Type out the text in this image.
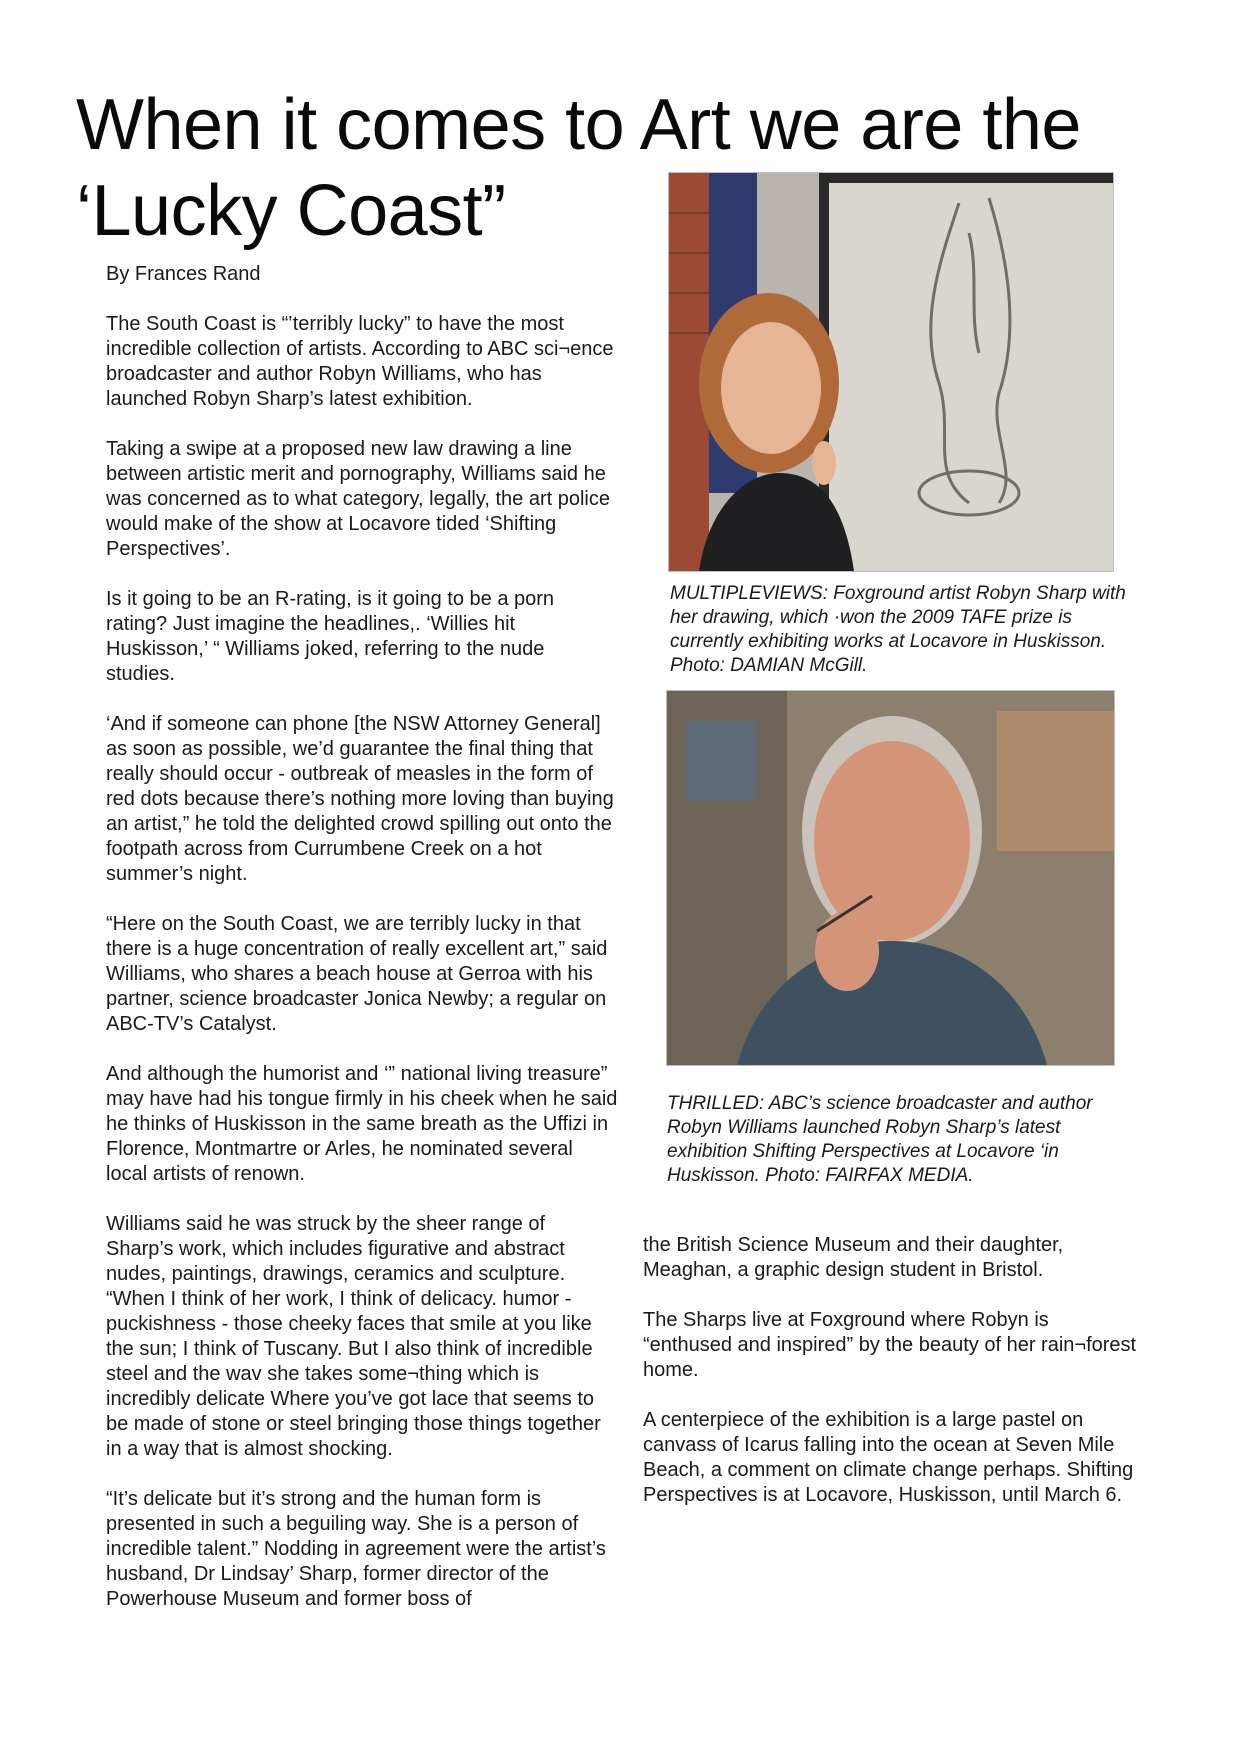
When it comes to Art we are the
‘Lucky Coast”

By Frances Rand

The South Coast is “‛terribly lucky” to have the most incredible collection of artists. According to ABC sci¬ence broadcaster and author Robyn Williams, who has launched Robyn Sharp’s latest exhibition.

Taking a swipe at a proposed new law drawing a line between artistic merit and pornography, Williams said he was concerned as to what category, legally, the art police would make of the show at Locavore tided ‘Shifting Perspectives’.

Is it going to be an R-rating, is it going to be a porn rating? Just imagine the headlines,. ‘Willies hit Huskisson,’ “ Williams joked, referring to the nude studies.

‘And if someone can phone [the NSW Attorney General] as soon as possible, we’d guarantee the final thing that really should occur - outbreak of measles in the form of red dots because there’s nothing more loving than buying an artist,” he told the delighted crowd spilling out onto the footpath across from Currumbene Creek on a hot summer’s night.

“Here on the South Coast, we are terribly lucky in that there is a huge concentration of really excellent art,” said Williams, who shares a beach house at Gerroa with his partner, science broadcaster Jonica Newby; a regular on ABC-TV’s Catalyst.

And although the humorist and ‘” national living treasure” may have had his tongue firmly in his cheek when he said he thinks of Huskisson in the same breath as the Uffizi in Florence, Montmartre or Arles, he nominated several local artists of renown.

Williams said he was struck by the sheer range of Sharp’s work, which includes figurative and abstract nudes, paintings, drawings, ceramics and sculpture. “When I think of her work, I think of delicacy. humor - puckishness - those cheeky faces that smile at you like the sun; I think of Tuscany. But I also think of incredible steel and the wav she takes some¬thing which is incredibly delicate Where you’ve got lace that seems to be made of stone or steel bringing those things together in a way that is almost shocking.

“It’s delicate but it’s strong and the human form is presented in such a beguiling way. She is a person of incredible talent.” Nodding in agreement were the artist’s husband, Dr Lindsay’ Sharp, former director of the Powerhouse Museum and former boss of

MULTIPLEVIEWS: Foxground artist Robyn Sharp with her drawing, which ·won the 2009 TAFE prize is currently exhibiting works at Locavore in Huskisson. Photo: DAMIAN McGill.
THRILLED: ABC’s science broadcaster and author Robyn Williams launched Robyn Sharp’s latest exhibition Shifting Perspectives at Locavore ‘in Huskisson. Photo: FAIRFAX MEDIA.

the British Science Museum and their daughter, Meaghan, a graphic design student in Bristol.

The Sharps live at Foxground where Robyn is “enthused and inspired” by the beauty of her rain¬forest home.

A centerpiece of the exhibition is a large pastel on canvass of Icarus falling into the ocean at Seven Mile Beach, a comment on climate change perhaps. Shifting Perspectives is at Locavore, Huskisson, until March 6.
